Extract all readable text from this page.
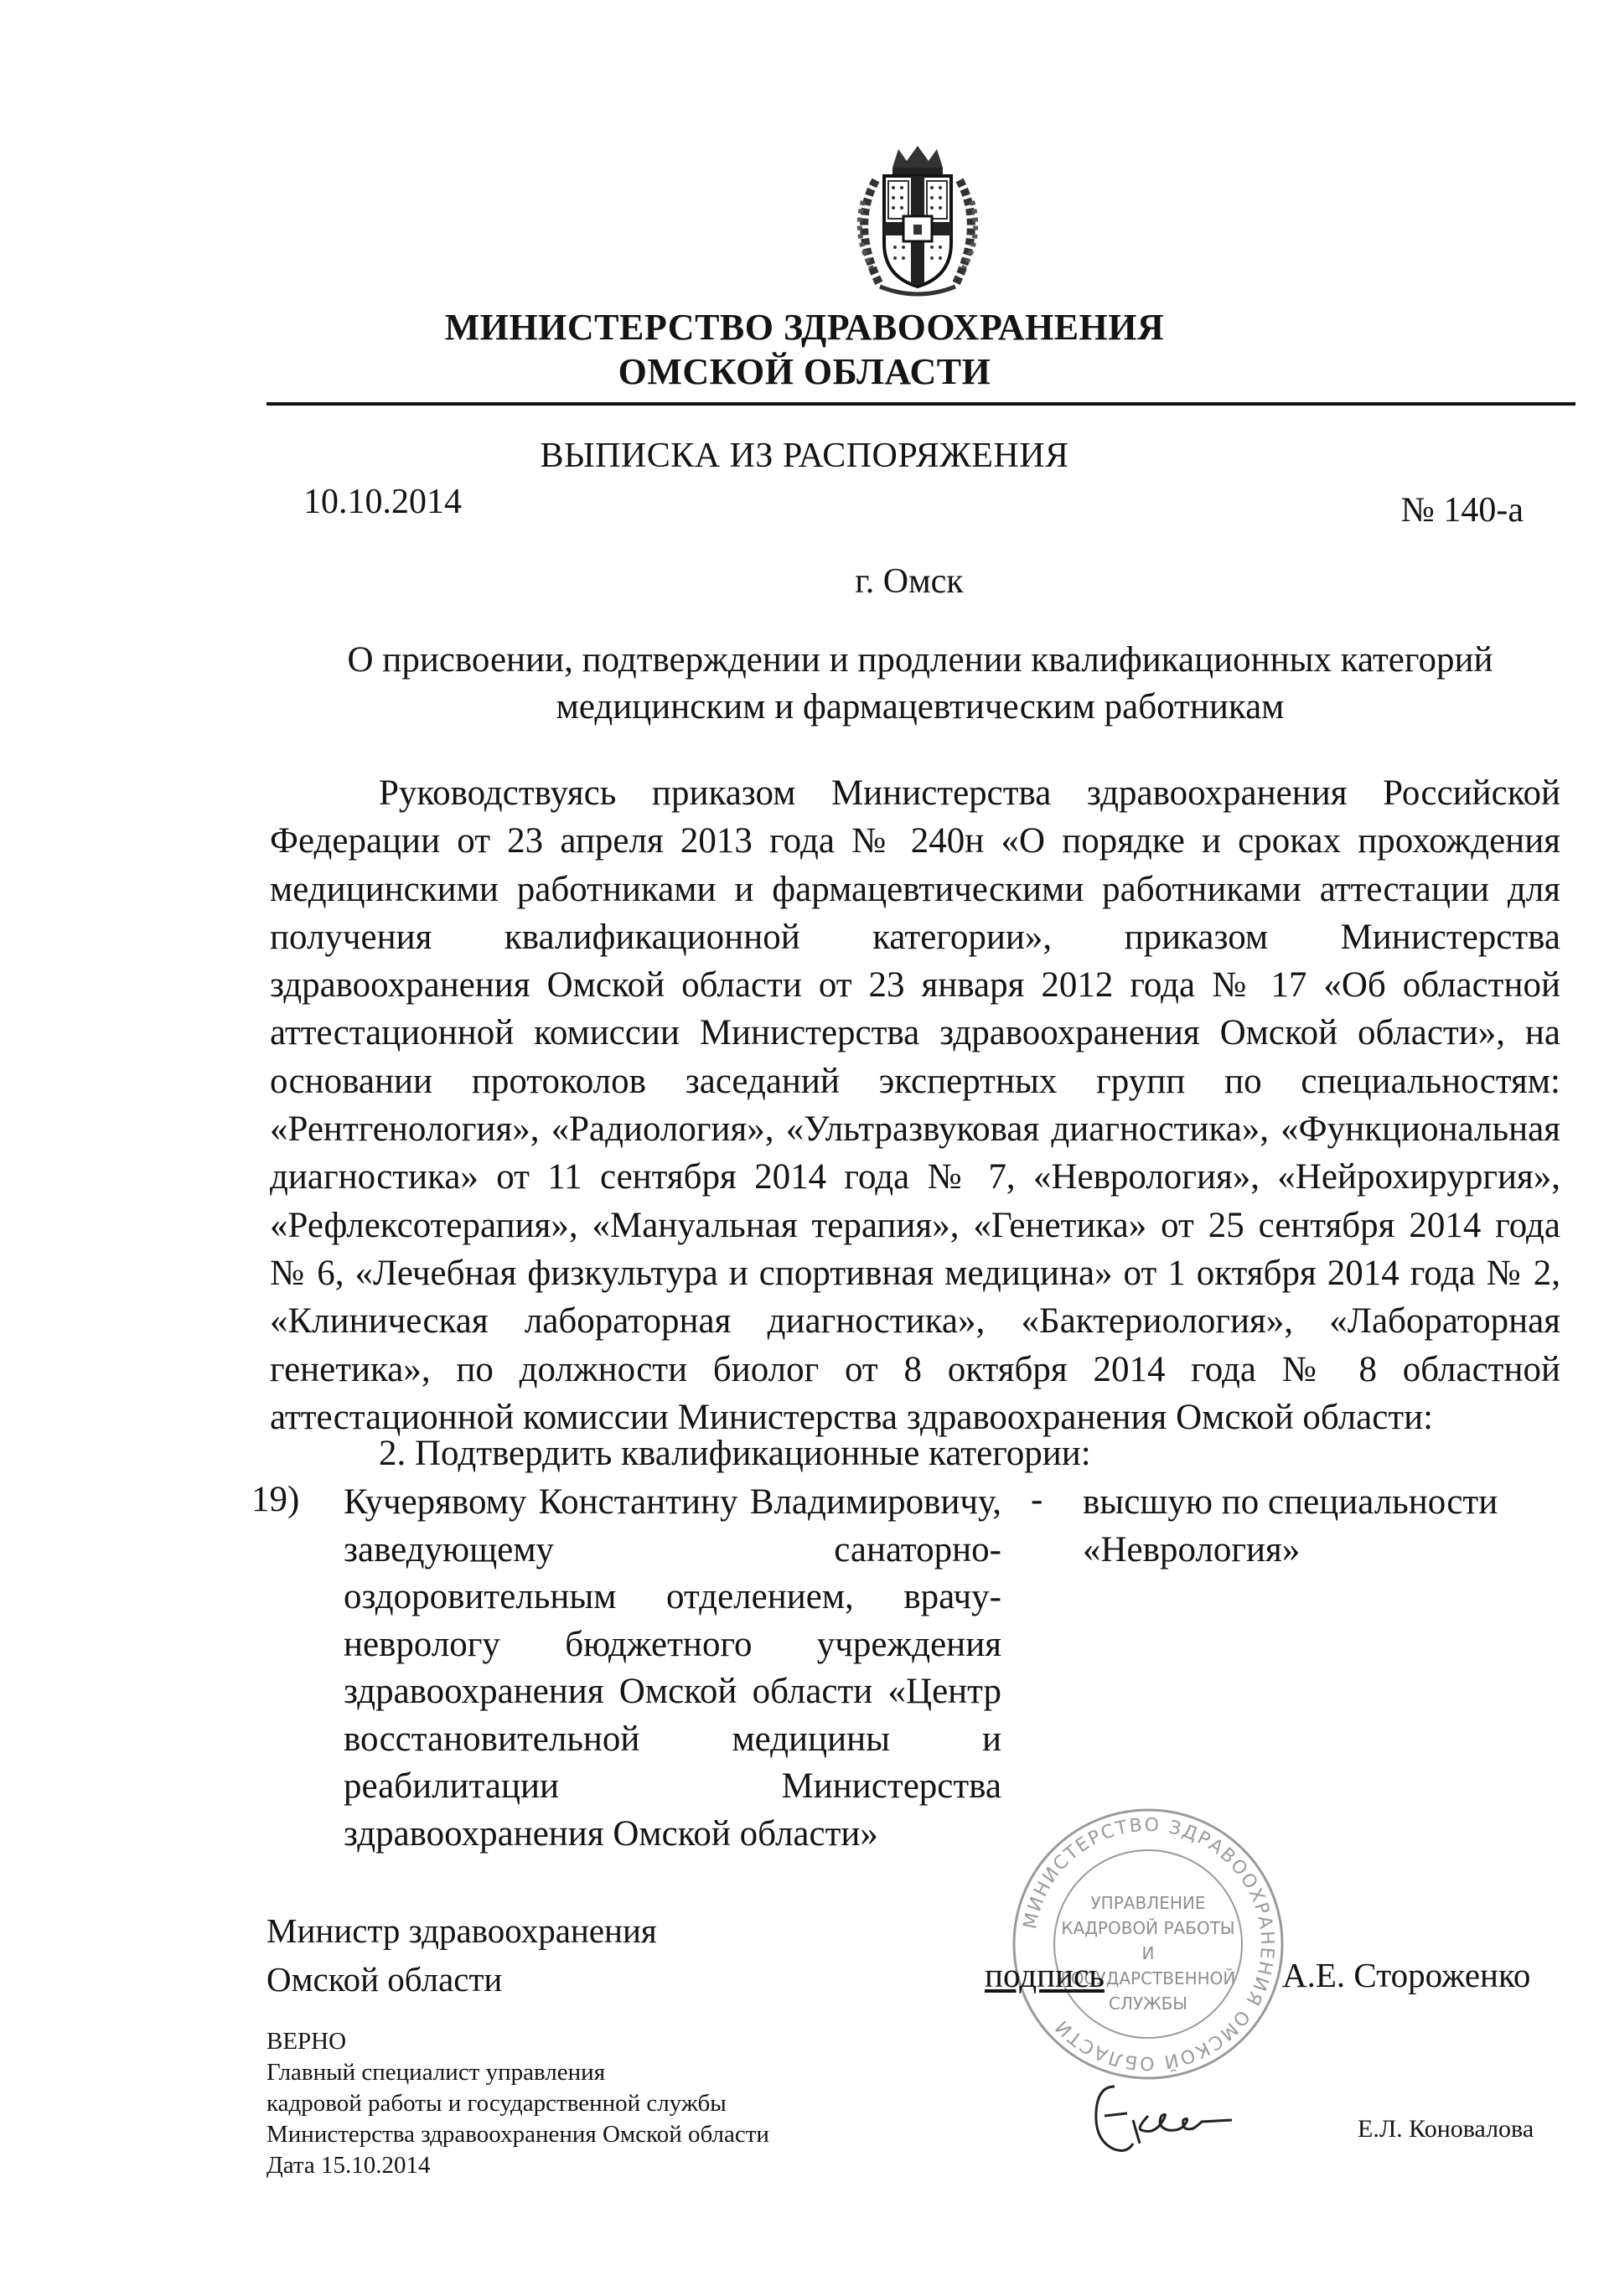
МИНИСТЕРСТВО ЗДРАВООХРАНЕНИЯ
ОМСКОЙ ОБЛАСТИ
ВЫПИСКА ИЗ РАСПОРЯЖЕНИЯ
10.10.2014	№ 140-а
г. Омск
О присвоении, подтверждении и продлении квалификационных категорий
медицинским и фармацевтическим работникам
Руководствуясь приказом Министерства здравоохранения Российской Федерации от 23 апреля 2013 года № 240н «О порядке и сроках прохождения медицинскими работниками и фармацевтическими работниками аттестации для получения квалификационной категории», приказом Министерства здравоохранения Омской области от 23 января 2012 года № 17 «Об областной аттестационной комиссии Министерства здравоохранения Омской области», на основании протоколов заседаний экспертных групп по специальностям: «Рентгенология», «Радиология», «Ультразвуковая диагностика», «Функциональная диагностика» от 11 сентября 2014 года № 7, «Неврология», «Нейрохирургия», «Рефлексотерапия», «Мануальная терапия», «Генетика» от 25 сентября 2014 года № 6, «Лечебная физкультура и спортивная медицина» от 1 октября 2014 года № 2, «Клиническая лабораторная диагностика», «Бактериология», «Лабораторная генетика», по должности биолог от 8 октября 2014 года № 8 областной аттестационной комиссии Министерства здравоохранения Омской области:
2. Подтвердить квалификационные категории:
19) Кучерявому Константину Владимировичу, заведующему санаторно-оздоровительным отделением, врачу-неврологу бюджетного учреждения здравоохранения Омской области «Центр восстановительной медицины и реабилитации Министерства здравоохранения Омской области»
- высшую по специальности «Неврология»
Министр здравоохранения
Омской области
МИНИСТЕРСТВО ЗДРАВООХРАНЕНИЯ ОМСКОЙ ОБЛАСТИ
УПРАВЛЕНИЕ
КАДРОВОЙ РАБОТЫ
И
ГОСУДАРСТВЕННОЙ
СЛУЖБЫ
подпись	А.Е. Стороженко
ВЕРНО
Главный специалист управления
кадровой работы и государственной службы
Министерства здравоохранения Омской области
Дата 15.10.2014
Е.Л. Коновалова
